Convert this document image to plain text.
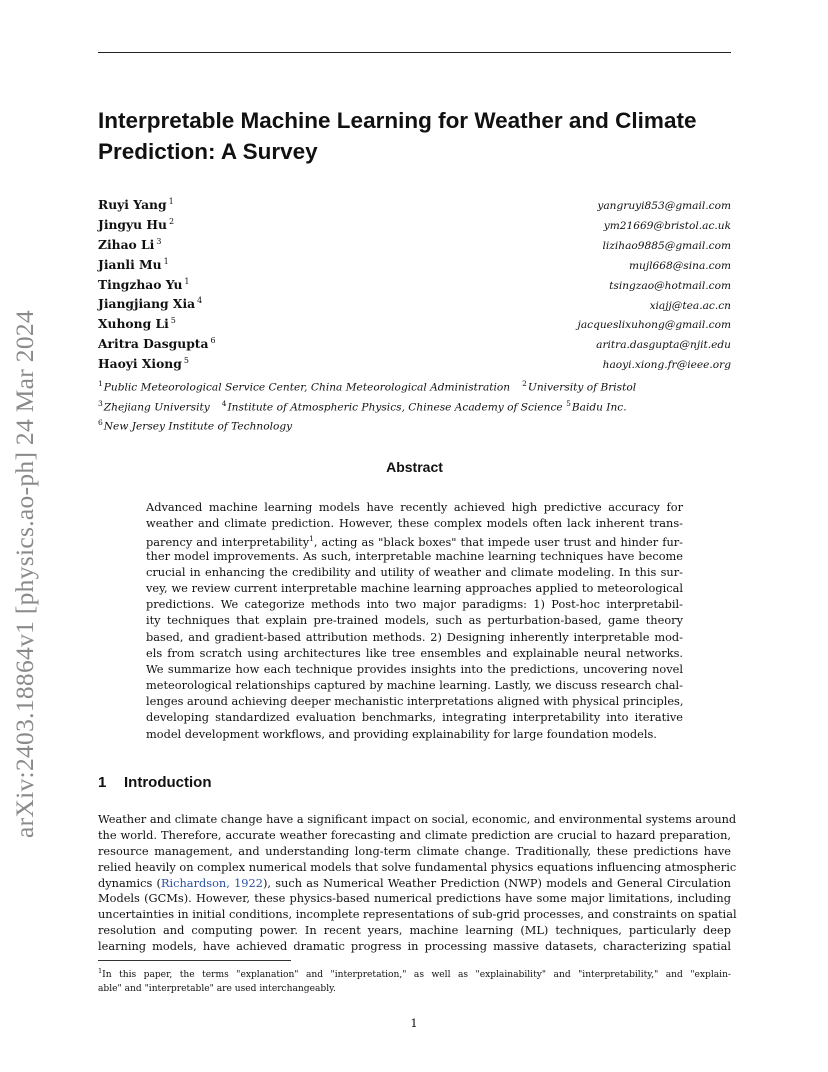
arXiv:2403.18864v1 [physics.ao-ph] 24 Mar 2024
Interpretable Machine Learning for Weather and Climate
Prediction: A Survey
Ruyi Yang $^1$	yangruyi853@gmail.com
Jingyu Hu $^2$	ym21669@bristol.ac.uk
Zihao Li $^3$	lizihao9885@gmail.com
Jianli Mu $^1$	mujl668@sina.com
Tingzhao Yu $^1$	tsingzao@hotmail.com
Jiangjiang Xia $^4$	xiajj@tea.ac.cn
Xuhong Li $^5$	jacqueslixuhong@gmail.com
Aritra Dasgupta $^6$	aritra.dasgupta@njit.edu
Haoyi Xiong $^5$	haoyi.xiong.fr@ieee.org
$^1$Public Meteorological Service Center, China Meteorological Administration $^2$University of Bristol
$^3$Zhejiang University $^4$Institute of Atmospheric Physics, Chinese Academy of Science $^5$Baidu Inc.
$^6$New Jersey Institute of Technology
Abstract
Advanced machine learning models have recently achieved high predictive accuracy for
weather and climate prediction. However, these complex models often lack inherent trans-
parency and interpretability$^1$, acting as "black boxes" that impede user trust and hinder fur-
ther model improvements. As such, interpretable machine learning techniques have become
crucial in enhancing the credibility and utility of weather and climate modeling. In this sur-
vey, we review current interpretable machine learning approaches applied to meteorological
predictions. We categorize methods into two major paradigms: 1) Post-hoc interpretabil-
ity techniques that explain pre-trained models, such as perturbation-based, game theory
based, and gradient-based attribution methods. 2) Designing inherently interpretable mod-
els from scratch using architectures like tree ensembles and explainable neural networks.
We summarize how each technique provides insights into the predictions, uncovering novel
meteorological relationships captured by machine learning. Lastly, we discuss research chal-
lenges around achieving deeper mechanistic interpretations aligned with physical principles,
developing standardized evaluation benchmarks, integrating interpretability into iterative
model development workflows, and providing explainability for large foundation models.
1 Introduction
Weather and climate change have a significant impact on social, economic, and environmental systems around
the world. Therefore, accurate weather forecasting and climate prediction are crucial to hazard preparation,
resource management, and understanding long-term climate change. Traditionally, these predictions have
relied heavily on complex numerical models that solve fundamental physics equations influencing atmospheric
dynamics (Richardson, 1922), such as Numerical Weather Prediction (NWP) models and General Circulation
Models (GCMs). However, these physics-based numerical predictions have some major limitations, including
uncertainties in initial conditions, incomplete representations of sub-grid processes, and constraints on spatial
resolution and computing power. In recent years, machine learning (ML) techniques, particularly deep
learning models, have achieved dramatic progress in processing massive datasets, characterizing spatial
$^1$In this paper, the terms "explanation" and "interpretation," as well as "explainability" and "interpretability," and "explain-
able" and "interpretable" are used interchangeably.
1
